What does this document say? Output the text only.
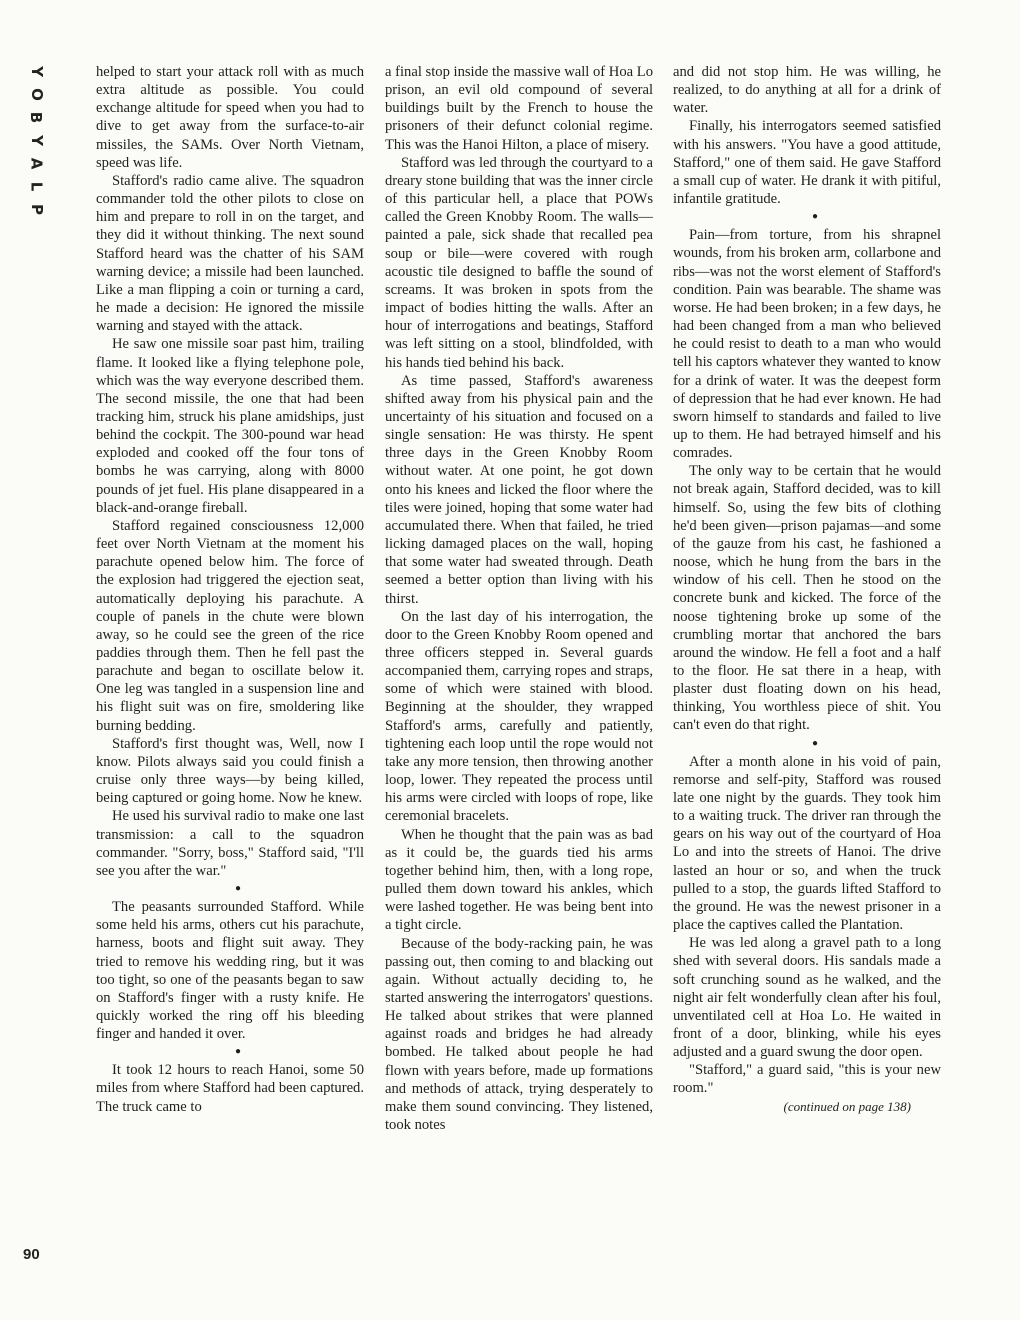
Y
O
B
Y
A
L
P
90

helped to start your attack roll with as much extra altitude as possible. You could exchange altitude for speed when you had to dive to get away from the surface-to-air missiles, the SAMs. Over North Vietnam, speed was life.

Stafford's radio came alive. The squadron commander told the other pilots to close on him and prepare to roll in on the target, and they did it without thinking. The next sound Stafford heard was the chatter of his SAM warning device; a missile had been launched. Like a man flipping a coin or turning a card, he made a decision: He ignored the missile warning and stayed with the attack.

He saw one missile soar past him, trailing flame. It looked like a flying telephone pole, which was the way everyone described them. The second missile, the one that had been tracking him, struck his plane amidships, just behind the cockpit. The 300-pound war head exploded and cooked off the four tons of bombs he was carrying, along with 8000 pounds of jet fuel. His plane disappeared in a black-and-orange fireball.

Stafford regained consciousness 12,000 feet over North Vietnam at the moment his parachute opened below him. The force of the explosion had triggered the ejection seat, automatically deploying his parachute. A couple of panels in the chute were blown away, so he could see the green of the rice paddies through them. Then he fell past the parachute and began to oscillate below it. One leg was tangled in a suspension line and his flight suit was on fire, smoldering like burning bedding.

Stafford's first thought was, Well, now I know. Pilots always said you could finish a cruise only three ways—by being killed, being captured or going home. Now he knew.

He used his survival radio to make one last transmission: a call to the squadron commander. "Sorry, boss," Stafford said, "I'll see you after the war."

●

The peasants surrounded Stafford. While some held his arms, others cut his parachute, harness, boots and flight suit away. They tried to remove his wedding ring, but it was too tight, so one of the peasants began to saw on Stafford's finger with a rusty knife. He quickly worked the ring off his bleeding finger and handed it over.

●

It took 12 hours to reach Hanoi, some 50 miles from where Stafford had been captured. The truck came to

a final stop inside the massive wall of Hoa Lo prison, an evil old compound of several buildings built by the French to house the prisoners of their defunct colonial regime. This was the Hanoi Hilton, a place of misery.

Stafford was led through the courtyard to a dreary stone building that was the inner circle of this particular hell, a place that POWs called the Green Knobby Room. The walls—painted a pale, sick shade that recalled pea soup or bile—were covered with rough acoustic tile designed to baffle the sound of screams. It was broken in spots from the impact of bodies hitting the walls. After an hour of interrogations and beatings, Stafford was left sitting on a stool, blindfolded, with his hands tied behind his back.

As time passed, Stafford's awareness shifted away from his physical pain and the uncertainty of his situation and focused on a single sensation: He was thirsty. He spent three days in the Green Knobby Room without water. At one point, he got down onto his knees and licked the floor where the tiles were joined, hoping that some water had accumulated there. When that failed, he tried licking damaged places on the wall, hoping that some water had sweated through. Death seemed a better option than living with his thirst.

On the last day of his interrogation, the door to the Green Knobby Room opened and three officers stepped in. Several guards accompanied them, carrying ropes and straps, some of which were stained with blood. Beginning at the shoulder, they wrapped Stafford's arms, carefully and patiently, tightening each loop until the rope would not take any more tension, then throwing another loop, lower. They repeated the process until his arms were circled with loops of rope, like ceremonial bracelets.

When he thought that the pain was as bad as it could be, the guards tied his arms together behind him, then, with a long rope, pulled them down toward his ankles, which were lashed together. He was being bent into a tight circle.

Because of the body-racking pain, he was passing out, then coming to and blacking out again. Without actually deciding to, he started answering the interrogators' questions. He talked about strikes that were planned against roads and bridges he had already bombed. He talked about people he had flown with years before, made up formations and methods of attack, trying desperately to make them sound convincing. They listened, took notes

and did not stop him. He was willing, he realized, to do anything at all for a drink of water.

Finally, his interrogators seemed satisfied with his answers. "You have a good attitude, Stafford," one of them said. He gave Stafford a small cup of water. He drank it with pitiful, infantile gratitude.

●

Pain—from torture, from his shrapnel wounds, from his broken arm, collarbone and ribs—was not the worst element of Stafford's condition. Pain was bearable. The shame was worse. He had been broken; in a few days, he had been changed from a man who believed he could resist to death to a man who would tell his captors whatever they wanted to know for a drink of water. It was the deepest form of depression that he had ever known. He had sworn himself to standards and failed to live up to them. He had betrayed himself and his comrades.

The only way to be certain that he would not break again, Stafford decided, was to kill himself. So, using the few bits of clothing he'd been given—prison pajamas—and some of the gauze from his cast, he fashioned a noose, which he hung from the bars in the window of his cell. Then he stood on the concrete bunk and kicked. The force of the noose tightening broke up some of the crumbling mortar that anchored the bars around the window. He fell a foot and a half to the floor. He sat there in a heap, with plaster dust floating down on his head, thinking, You worthless piece of shit. You can't even do that right.

●

After a month alone in his void of pain, remorse and self-pity, Stafford was roused late one night by the guards. They took him to a waiting truck. The driver ran through the gears on his way out of the courtyard of Hoa Lo and into the streets of Hanoi. The drive lasted an hour or so, and when the truck pulled to a stop, the guards lifted Stafford to the ground. He was the newest prisoner in a place the captives called the Plantation.

He was led along a gravel path to a long shed with several doors. His sandals made a soft crunching sound as he walked, and the night air felt wonderfully clean after his foul, unventilated cell at Hoa Lo. He waited in front of a door, blinking, while his eyes adjusted and a guard swung the door open.

"Stafford," a guard said, "this is your new room."

(continued on page 138)
